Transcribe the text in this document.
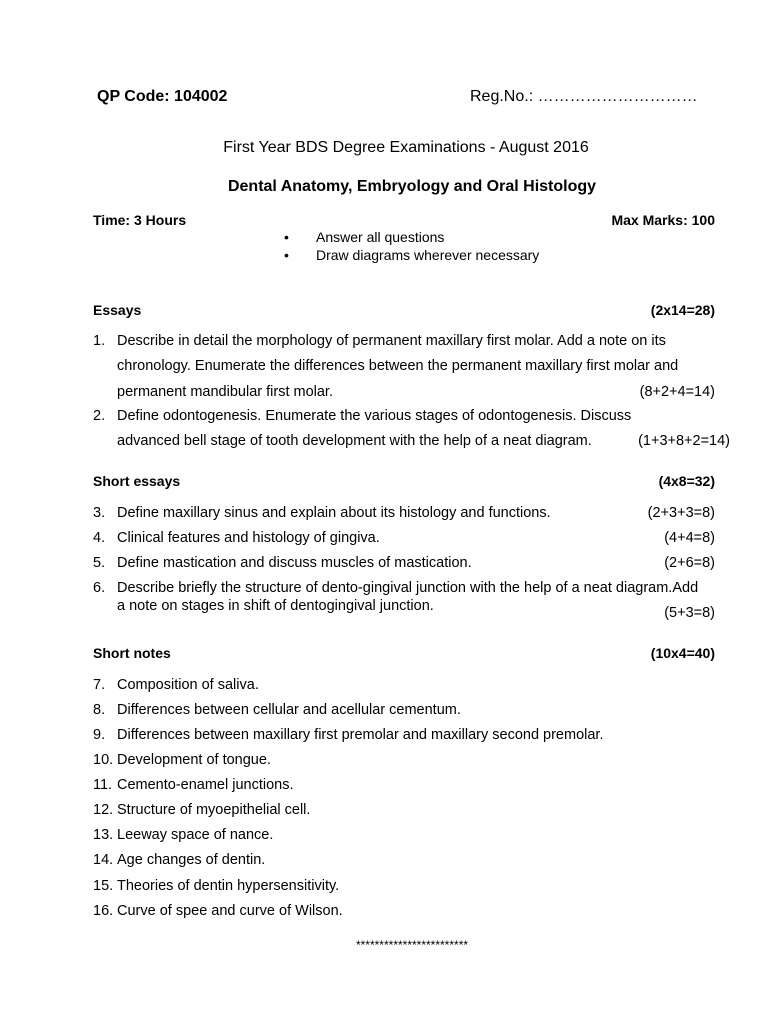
QP Code: 104002	Reg.No.: …………………………
First Year BDS Degree Examinations - August 2016
Dental Anatomy, Embryology and Oral Histology
Time: 3 Hours	Max Marks: 100
• Answer all questions
• Draw diagrams wherever necessary
Essays	(2x14=28)
1. Describe in detail the morphology of permanent maxillary first molar. Add a note on its
chronology. Enumerate the differences between the permanent maxillary first molar and
permanent mandibular first molar.	(8+2+4=14)
2. Define odontogenesis. Enumerate the various stages of odontogenesis. Discuss
advanced bell stage of tooth development with the help of a neat diagram.	(1+3+8+2=14)
Short essays	(4x8=32)
3. Define maxillary sinus and explain about its histology and functions.	(2+3+3=8)
4. Clinical features and histology of gingiva.	(4+4=8)
5. Define mastication and discuss muscles of mastication.	(2+6=8)
6. Describe briefly the structure of dento-gingival junction with the help of a neat diagram.Add
a note on stages in shift of dentogingival junction.	(5+3=8)
Short notes	(10x4=40)
7. Composition of saliva.
8. Differences between cellular and acellular cementum.
9. Differences between maxillary first premolar and maxillary second premolar.
10. Development of tongue.
11. Cemento-enamel junctions.
12. Structure of myoepithelial cell.
13. Leeway space of nance.
14. Age changes of dentin.
15. Theories of dentin hypersensitivity.
16. Curve of spee and curve of Wilson.
************************
